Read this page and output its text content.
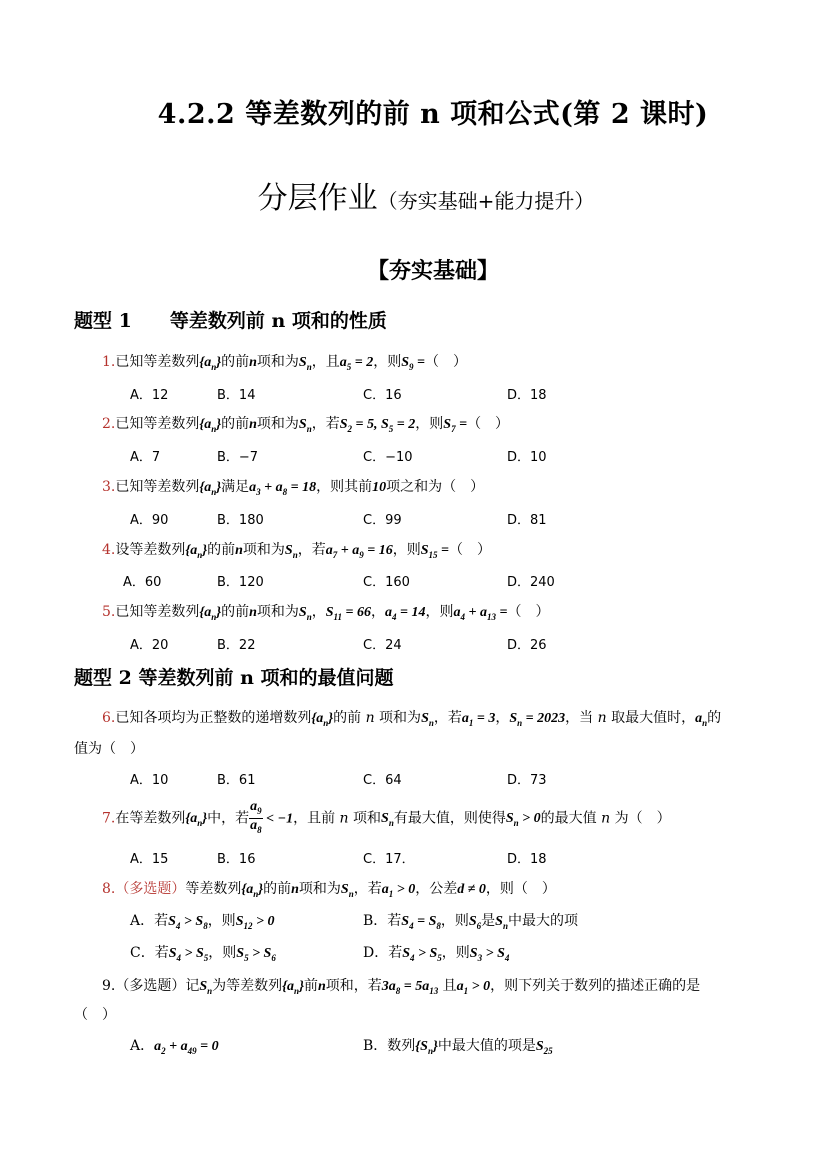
4.2.2 等差数列的前 n 项和公式(第 2 课时)
分层作业（夯实基础+能力提升）
【夯实基础】
题型 1　　等差数列前 n 项和的性质
1.已知等差数列$\{a_n\}$的前n项和为$S_n$，且$a_5 = 2$，则$S_9$ =（　）
A．12	B．14	C．16	D．18
2.已知等差数列$\{a_n\}$的前n项和为$S_n$，若$S_2 = 5$, $S_5 = 2$，则$S_7$ =（　）
A．7	B．−7	C．−10	D．10
3.已知等差数列$\{a_n\}$满足$a_3 + a_8 = 18$，则其前10项之和为（　）
A．90	B．180	C．99	D．81
4.设等差数列$\{a_n\}$的前n项和为$S_n$，若$a_7 + a_9 = 16$，则$S_{15}$ =（　）
A．60	B．120	C．160	D．240
5.已知等差数列$\{a_n\}$的前n项和为$S_n$，$S_{11} = 66$，$a_4 = 14$，则$a_4 + a_{13}$ =（　）
A．20	B．22	C．24	D．26
题型 2 等差数列前 n 项和的最值问题
6.已知各项均为正整数的递增数列$\{a_n\}$的前 n 项和为$S_n$，若$a_1 = 3$，$S_n = 2023$，当 n 取最大值时，$a_n$的
值为（　）
A．10	B．61	C．64	D．73
7.在等差数列$\{a_n\}$中，若 $\frac{a_9}{a_8} < -1$，且前 n 项和$S_n$有最大值，则使得$S_n > 0$的最大值 n 为（　）
A．15	B．16	C．17．	D．18
8.（多选题）等差数列$\{a_n\}$的前n项和为$S_n$，若$a_1 > 0$，公差d ≠ 0，则（　）
A．若$S_4 > S_8$，则$S_{12} > 0$	B．若$S_4 = S_8$，则$S_6$是$S_n$中最大的项
C．若$S_4 > S_5$，则$S_5 > S_6$	D．若$S_4 > S_5$，则$S_3 > S_4$
9.（多选题）记$S_n$为等差数列$\{a_n\}$前n项和，若$3a_8 = 5a_{13}$ 且$a_1 > 0$，则下列关于数列的描述正确的是
（　）
A．$a_2 + a_{49} = 0$	B．数列$\{S_n\}$中最大值的项是$S_{25}$
